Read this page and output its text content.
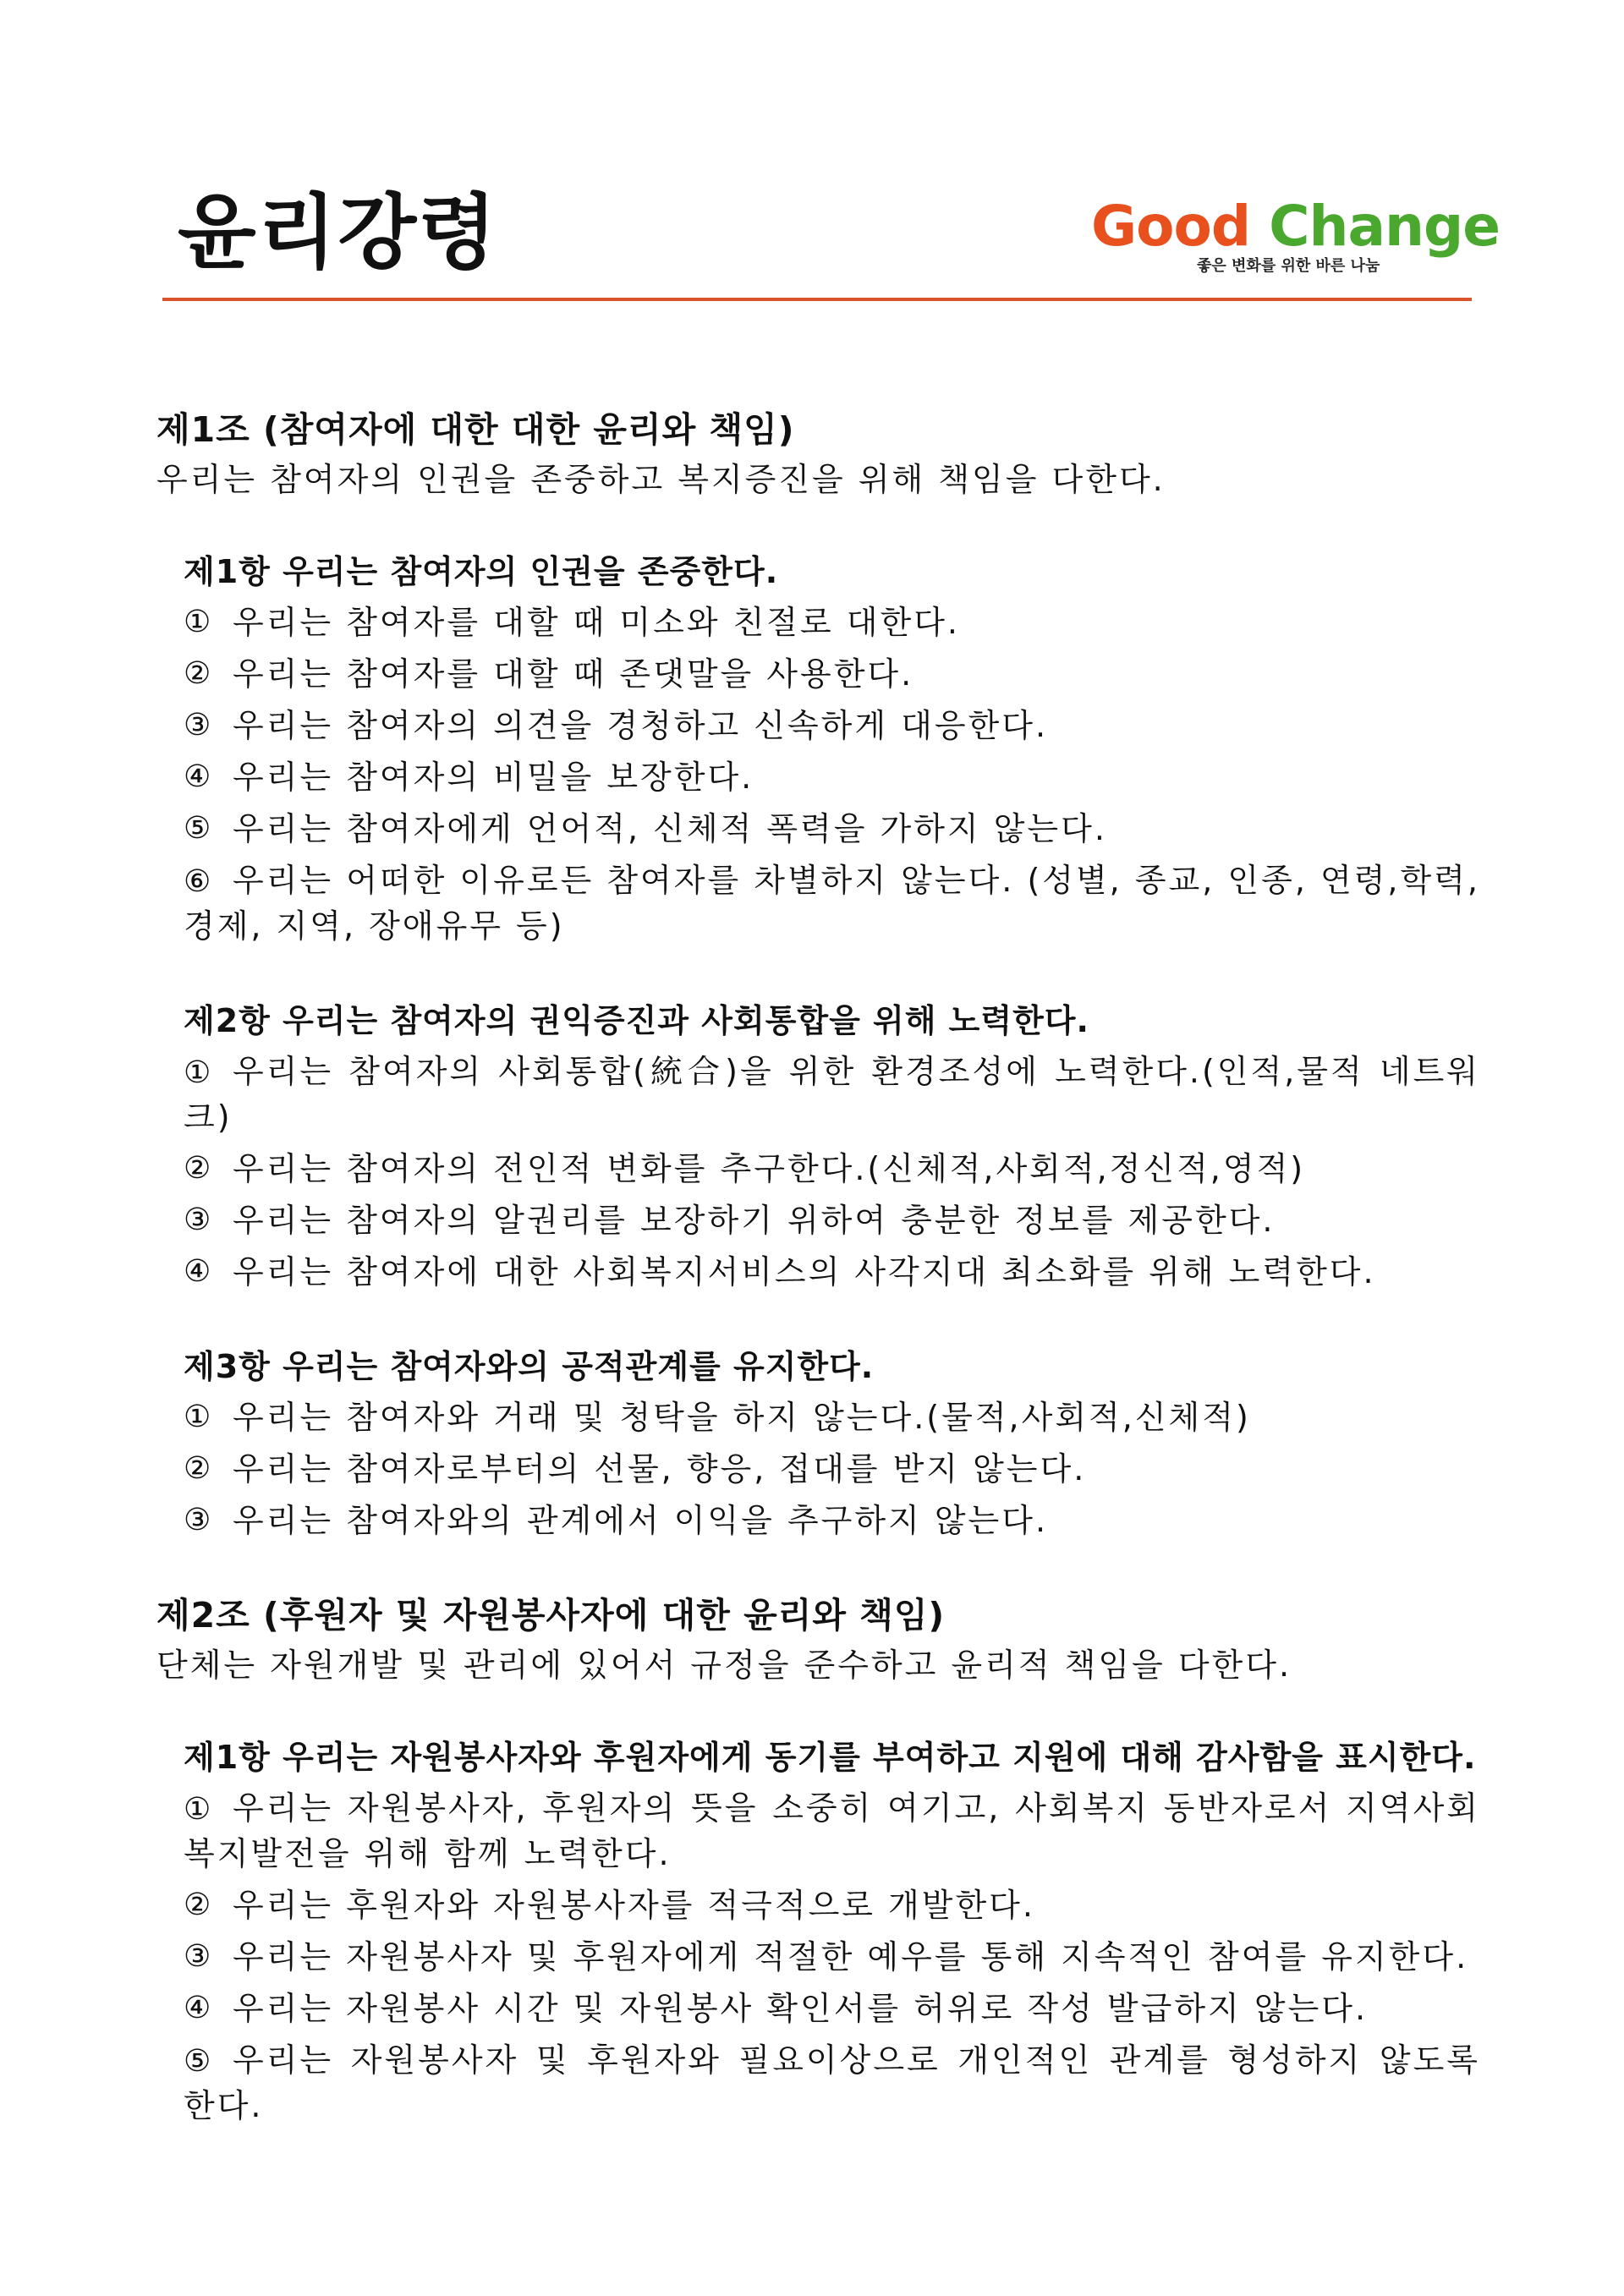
윤리강령	Good Change
좋은 변화를 위한 바른 나눔
제1조 (참여자에 대한 대한 윤리와 책임)

우리는 참여자의 인권을 존중하고 복지증진을 위해 책임을 다한다.

제1항 우리는 참여자의 인권을 존중한다.
① 우리는 참여자를 대할 때 미소와 친절로 대한다.
② 우리는 참여자를 대할 때 존댓말을 사용한다.
③ 우리는 참여자의 의견을 경청하고 신속하게 대응한다.
④ 우리는 참여자의 비밀을 보장한다.
⑤ 우리는 참여자에게 언어적, 신체적 폭력을 가하지 않는다.
⑥ 우리는 어떠한 이유로든 참여자를 차별하지 않는다. (성별, 종교, 인종, 연령,학력, 경제, 지역, 장애유무 등)
제2항 우리는 참여자의 권익증진과 사회통합을 위해 노력한다.
① 우리는 참여자의 사회통합(統合)을 위한 환경조성에 노력한다.(인적,물적 네트워크)
② 우리는 참여자의 전인적 변화를 추구한다.(신체적,사회적,정신적,영적)
③ 우리는 참여자의 알권리를 보장하기 위하여 충분한 정보를 제공한다.
④ 우리는 참여자에 대한 사회복지서비스의 사각지대 최소화를 위해 노력한다.
제3항 우리는 참여자와의 공적관계를 유지한다.
① 우리는 참여자와 거래 및 청탁을 하지 않는다.(물적,사회적,신체적)
② 우리는 참여자로부터의 선물, 향응, 접대를 받지 않는다.
③ 우리는 참여자와의 관계에서 이익을 추구하지 않는다.
제2조 (후원자 및 자원봉사자에 대한 윤리와 책임)

단체는 자원개발 및 관리에 있어서 규정을 준수하고 윤리적 책임을 다한다.

제1항 우리는 자원봉사자와 후원자에게 동기를 부여하고 지원에 대해 감사함을 표시한다.
① 우리는 자원봉사자, 후원자의 뜻을 소중히 여기고, 사회복지 동반자로서 지역사회 복지발전을 위해 함께 노력한다.
② 우리는 후원자와 자원봉사자를 적극적으로 개발한다.
③ 우리는 자원봉사자 및 후원자에게 적절한 예우를 통해 지속적인 참여를 유지한다.
④ 우리는 자원봉사 시간 및 자원봉사 확인서를 허위로 작성 발급하지 않는다.
⑤ 우리는 자원봉사자 및 후원자와 필요이상으로 개인적인 관계를 형성하지 않도록 한다.
